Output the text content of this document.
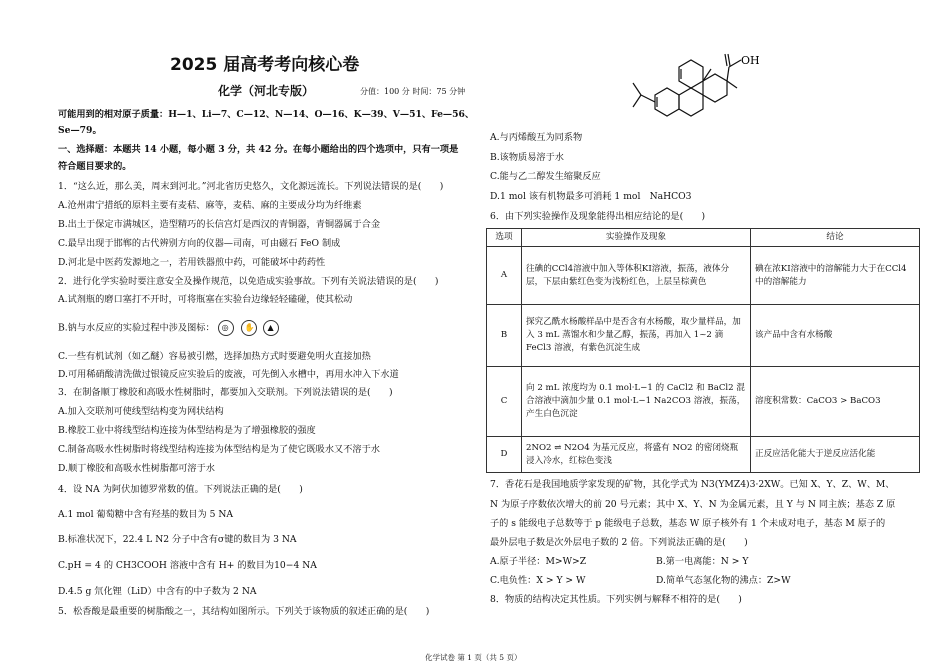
2025 届高考考向核心卷
化学（河北专版）	分值：100 分 时间：75 分钟
可能用到的相对原子质量：H—1、Li—7、C—12、N—14、O—16、K—39、V—51、Fe—56、
Se—79。
一、选择题：本题共 14 小题，每小题 3 分，共 42 分。在每小题给出的四个选项中，只有一项是
符合题目要求的。
1．“这么近，那么美，周末到河北。”河北省历史悠久，文化源远流长。下列说法错误的是(　　)
A.沧州肃宁措纸的原料主要有麦秸、麻等，麦秸、麻的主要成分均为纤维素
B.出土于保定市满城区，造型精巧的长信宫灯是西汉的青铜器，青铜器属于合金
C.最早出现于邯郸的古代辨别方向的仪器—司南，可由磁石 FeO 制成
D.河北是中医药发源地之一，若用铁器煎中药，可能破坏中药药性
2．进行化学实验时要注意安全及操作规范，以免造成实验事故。下列有关说法错误的是(　　)
A.试剂瓶的磨口塞打不开时，可将瓶塞在实验台边缘轻轻磕碰，使其松动
B.钠与水反应的实验过程中涉及图标： ◎
✋
▲
C.一些有机试剂（如乙醚）容易被引燃，选择加热方式时要避免明火直接加热
D.可用稀硝酸清洗做过银镜反应实验后的废液，可先倒入水槽中，再用水冲入下水道
3．在制备顺丁橡胶和高吸水性树脂时，都要加入交联剂。下列说法错误的是(　　)
A.加入交联剂可使线型结构变为网状结构
B.橡胶工业中将线型结构连接为体型结构是为了增强橡胶的强度
C.制备高吸水性树脂时将线型结构连接为体型结构是为了使它既吸水又不溶于水
D.顺丁橡胶和高吸水性树脂都可溶于水
4．设 NA 为阿伏加德罗常数的值。下列说法正确的是(　　)
A.1 mol 葡萄糖中含有羟基的数目为 5 NA
B.标准状况下，22.4 L N2 分子中含有σ键的数目为 3 NA
C.pH = 4 的 CH3COOH 溶液中含有 H+ 的数目为10−4 NA
D.4.5 g 氘化锂（LiD）中含有的中子数为 2 NA
5．松香酸是最重要的树脂酸之一，其结构如图所示。下列关于该物质的叙述正确的是(　　)
OH
A.与丙烯酸互为同系物
B.该物质易溶于水
C.能与乙二醇发生缩聚反应
D.1 mol 该有机物最多可消耗 1 mol　NaHCO3
6．由下列实验操作及现象能得出相应结论的是(　　)
选项	实验操作及现象	结论
A	往碘的CCl4溶液中加入等体积KI溶液，振荡，液体分层，下层由紫红色变为浅粉红色，上层呈棕黄色	碘在浓KI溶液中的溶解能力大于在CCl4中的溶解能力
B	探究乙酰水杨酸样品中是否含有水杨酸，取少量样品，加入 3 mL 蒸馏水和少量乙醇，振荡，再加入 1~2 滴 FeCl3 溶液，有紫色沉淀生成	该产品中含有水杨酸
C	向 2 mL 浓度均为 0.1 mol·L−1 的 CaCl2 和 BaCl2 混合溶液中滴加少量 0.1 mol·L−1 Na2CO3 溶液，振荡，产生白色沉淀	溶度积常数：CaCO3 > BaCO3
D	2NO2 ⇌ N2O4 为基元反应，将盛有 NO2 的密闭烧瓶浸入冷水，红棕色变浅	正反应活化能大于逆反应活化能
7．香花石是我国地质学家发现的矿物，其化学式为 N3(YMZ4)3·2XW。已知 X、Y、Z、W、M、
N 为原子序数依次增大的前 20 号元素；其中 X、Y、N 为金属元素，且 Y 与 N 同主族；基态 Z 原
子的 s 能级电子总数等于 p 能级电子总数，基态 W 原子核外有 1 个未成对电子，基态 M 原子的
最外层电子数是次外层电子数的 2 倍。下列说法正确的是(　　)
A.原子半径：M>W>Z	B.第一电离能：N > Y
C.电负性：X > Y > W	D.简单气态氢化物的沸点：Z>W
8．物质的结构决定其性质。下列实例与解释不相符的是(　　)
化学试卷 第 1 页（共 5 页）
